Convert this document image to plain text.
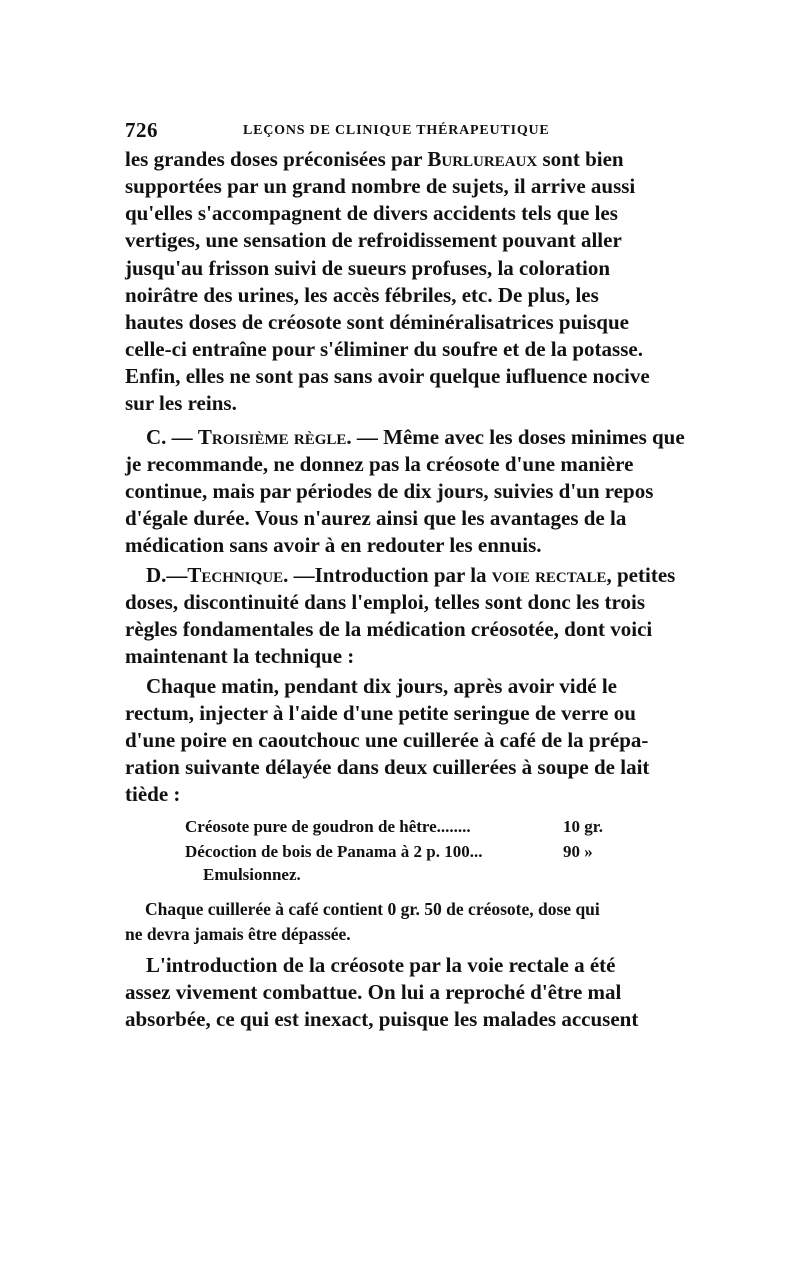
726	LEÇONS DE CLINIQUE THÉRAPEUTIQUE
les grandes doses préconisées par Burlureaux sont bien
supportées par un grand nombre de sujets, il arrive aussi
qu'elles s'accompagnent de divers accidents tels que les
vertiges, une sensation de refroidissement pouvant aller
jusqu'au frisson suivi de sueurs profuses, la coloration
noirâtre des urines, les accès fébriles, etc. De plus, les
hautes doses de créosote sont déminéralisatrices puisque
celle-ci entraîne pour s'éliminer du soufre et de la potasse.
Enfin, elles ne sont pas sans avoir quelque iufluence nocive
sur les reins.
C. — Troisième règle. — Même avec les doses minimes que
je recommande, ne donnez pas la créosote d'une manière
continue, mais par périodes de dix jours, suivies d'un repos
d'égale durée. Vous n'aurez ainsi que les avantages de la
médication sans avoir à en redouter les ennuis.
D.—Technique. —Introduction par la voie rectale, petites
doses, discontinuité dans l'emploi, telles sont donc les trois
règles fondamentales de la médication créosotée, dont voici
maintenant la technique :
Chaque matin, pendant dix jours, après avoir vidé le
rectum, injecter à l'aide d'une petite seringue de verre ou
d'une poire en caoutchouc une cuillerée à café de la prépa-
ration suivante délayée dans deux cuillerées à soupe de lait
tiède :
Créosote pure de goudron de hêtre........	10 gr.
Décoction de bois de Panama à 2 p. 100...	90 »
Emulsionnez.
Chaque cuillerée à café contient 0 gr. 50 de créosote, dose qui
ne devra jamais être dépassée.
L'introduction de la créosote par la voie rectale a été
assez vivement combattue. On lui a reproché d'être mal
absorbée, ce qui est inexact, puisque les malades accusent
